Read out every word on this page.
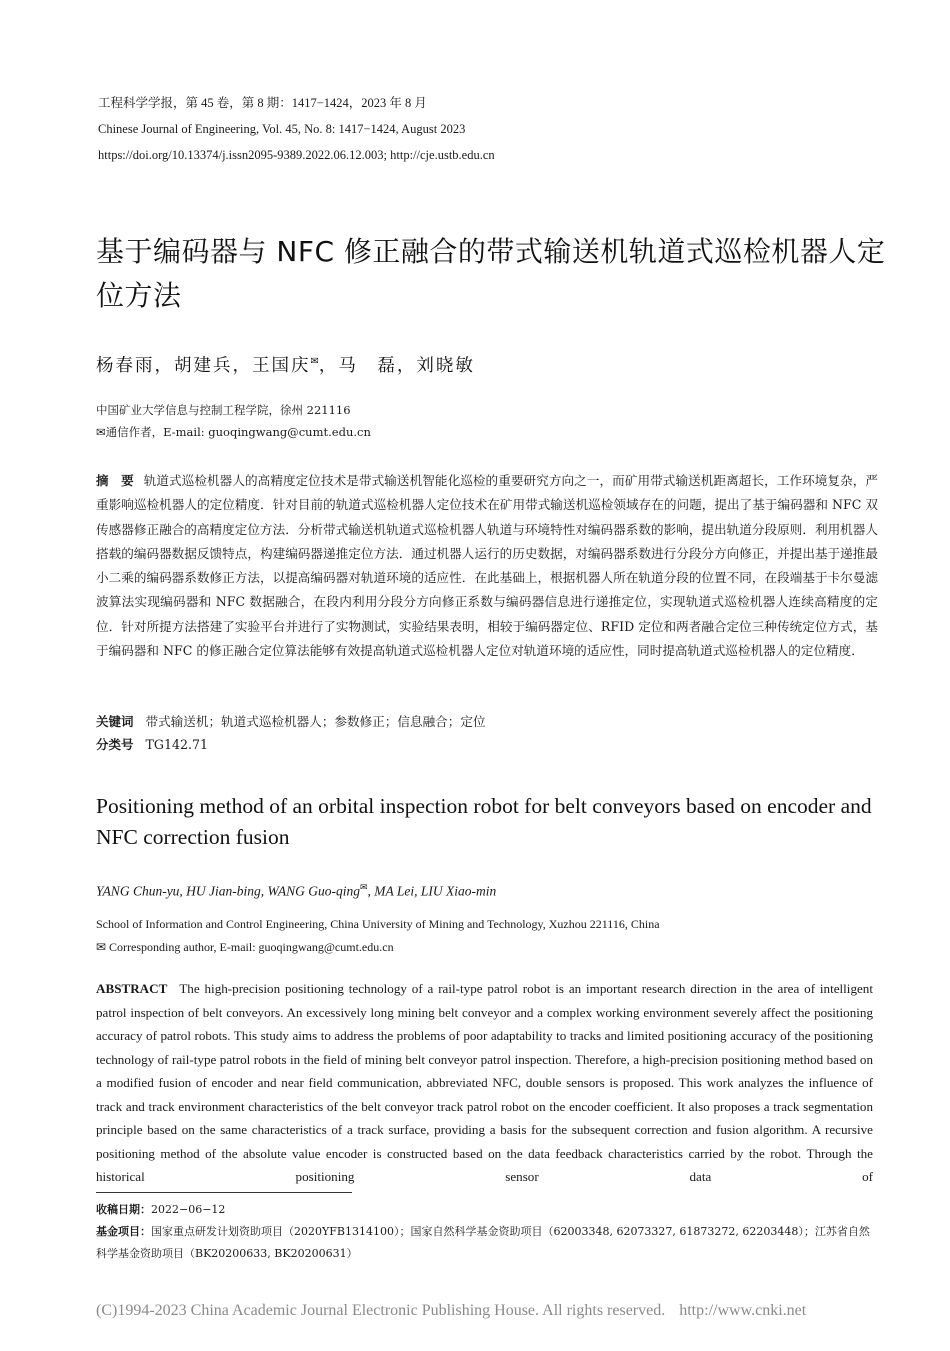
工程科学学报，第 45 卷，第 8 期：1417−1424，2023 年 8 月
Chinese Journal of Engineering, Vol. 45, No. 8: 1417−1424, August 2023
https://doi.org/10.13374/j.issn2095-9389.2022.06.12.003; http://cje.ustb.edu.cn
基于编码器与 NFC 修正融合的带式输送机轨道式巡检机器人定位方法
杨春雨，胡建兵，王国庆✉，马　磊，刘晓敏
中国矿业大学信息与控制工程学院，徐州 221116
✉通信作者，E-mail: guoqingwang@cumt.edu.cn
摘　要 轨道式巡检机器人的高精度定位技术是带式输送机智能化巡检的重要研究方向之一，而矿用带式输送机距离超长，工作环境复杂，严重影响巡检机器人的定位精度．针对目前的轨道式巡检机器人定位技术在矿用带式输送机巡检领域存在的问题，提出了基于编码器和 NFC 双传感器修正融合的高精度定位方法．分析带式输送机轨道式巡检机器人轨道与环境特性对编码器系数的影响，提出轨道分段原则．利用机器人搭载的编码器数据反馈特点，构建编码器递推定位方法．通过机器人运行的历史数据，对编码器系数进行分段分方向修正，并提出基于递推最小二乘的编码器系数修正方法，以提高编码器对轨道环境的适应性．在此基础上，根据机器人所在轨道分段的位置不同，在段端基于卡尔曼滤波算法实现编码器和 NFC 数据融合，在段内利用分段分方向修正系数与编码器信息进行递推定位，实现轨道式巡检机器人连续高精度的定位．针对所提方法搭建了实验平台并进行了实物测试，实验结果表明，相较于编码器定位、RFID 定位和两者融合定位三种传统定位方式，基于编码器和 NFC 的修正融合定位算法能够有效提高轨道式巡检机器人定位对轨道环境的适应性，同时提高轨道式巡检机器人的定位精度．
关键词 带式输送机；轨道式巡检机器人；参数修正；信息融合；定位
分类号 TG142.71
Positioning method of an orbital inspection robot for belt conveyors based on encoder and NFC correction fusion
YANG Chun-yu, HU Jian-bing, WANG Guo-qing✉, MA Lei, LIU Xiao-min
School of Information and Control Engineering, China University of Mining and Technology, Xuzhou 221116, China
✉ Corresponding author, E-mail: guoqingwang@cumt.edu.cn
ABSTRACT The high-precision positioning technology of a rail-type patrol robot is an important research direction in the area of intelligent patrol inspection of belt conveyors. An excessively long mining belt conveyor and a complex working environment severely affect the positioning accuracy of patrol robots. This study aims to address the problems of poor adaptability to tracks and limited positioning accuracy of the positioning technology of rail-type patrol robots in the field of mining belt conveyor patrol inspection. Therefore, a high-precision positioning method based on a modified fusion of encoder and near field communication, abbreviated NFC, double sensors is proposed. This work analyzes the influence of track and track environment characteristics of the belt conveyor track patrol robot on the encoder coefficient. It also proposes a track segmentation principle based on the same characteristics of a track surface, providing a basis for the subsequent correction and fusion algorithm. A recursive positioning method of the absolute value encoder is constructed based on the data feedback characteristics carried by the robot. Through the historical positioning sensor data of
收稿日期：2022−06−12
基金项目：国家重点研发计划资助项目（2020YFB1314100）；国家自然科学基金资助项目（62003348, 62073327, 61873272, 62203448）；江苏省自然科学基金资助项目（BK20200633, BK20200631）
(C)1994-2023 China Academic Journal Electronic Publishing House. All rights reserved. http://www.cnki.net
